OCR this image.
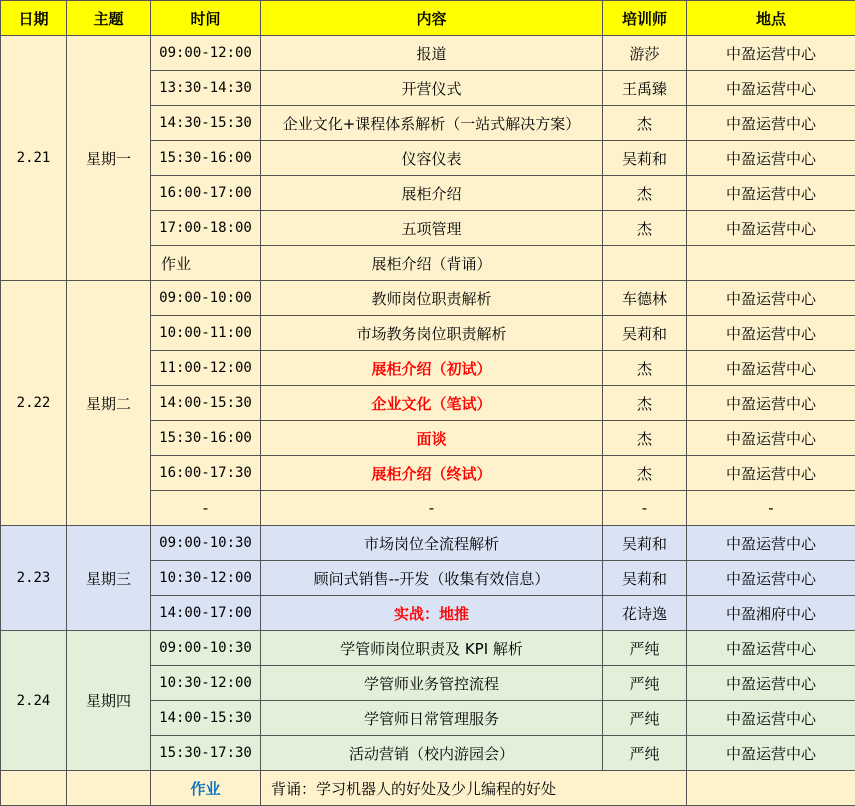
日期	主题	时间	内容	培训师	地点
2.21	星期一	09:00-12:00	报道	游莎	中盈运营中心
		13:30-14:30	开营仪式	王禹臻	中盈运营中心
		14:30-15:30	企业文化+课程体系解析（一站式解决方案）	杰	中盈运营中心
		15:30-16:00	仪容仪表	吴莉和	中盈运营中心
		16:00-17:00	展柜介绍	杰	中盈运营中心
		17:00-18:00	五项管理	杰	中盈运营中心
		作业	展柜介绍（背诵）		
2.22	星期二	09:00-10:00	教师岗位职责解析	车德林	中盈运营中心
		10:00-11:00	市场教务岗位职责解析	吴莉和	中盈运营中心
		11:00-12:00	展柜介绍（初试）	杰	中盈运营中心
		14:00-15:30	企业文化（笔试）	杰	中盈运营中心
		15:30-16:00	面谈	杰	中盈运营中心
		16:00-17:30	展柜介绍（终试）	杰	中盈运营中心
		-	-	-	-
2.23	星期三	09:00-10:30	市场岗位全流程解析	吴莉和	中盈运营中心
		10:30-12:00	顾问式销售--开发（收集有效信息）	吴莉和	中盈运营中心
		14:00-17:00	实战：地推	花诗逸	中盈湘府中心
2.24	星期四	09:00-10:30	学管师岗位职责及 KPI 解析	严纯	中盈运营中心
		10:30-12:00	学管师业务管控流程	严纯	中盈运营中心
		14:00-15:30	学管师日常管理服务	严纯	中盈运营中心
		15:30-17:30	活动营销（校内游园会）	严纯	中盈运营中心
		作业	背诵：学习机器人的好处及少儿编程的好处		
